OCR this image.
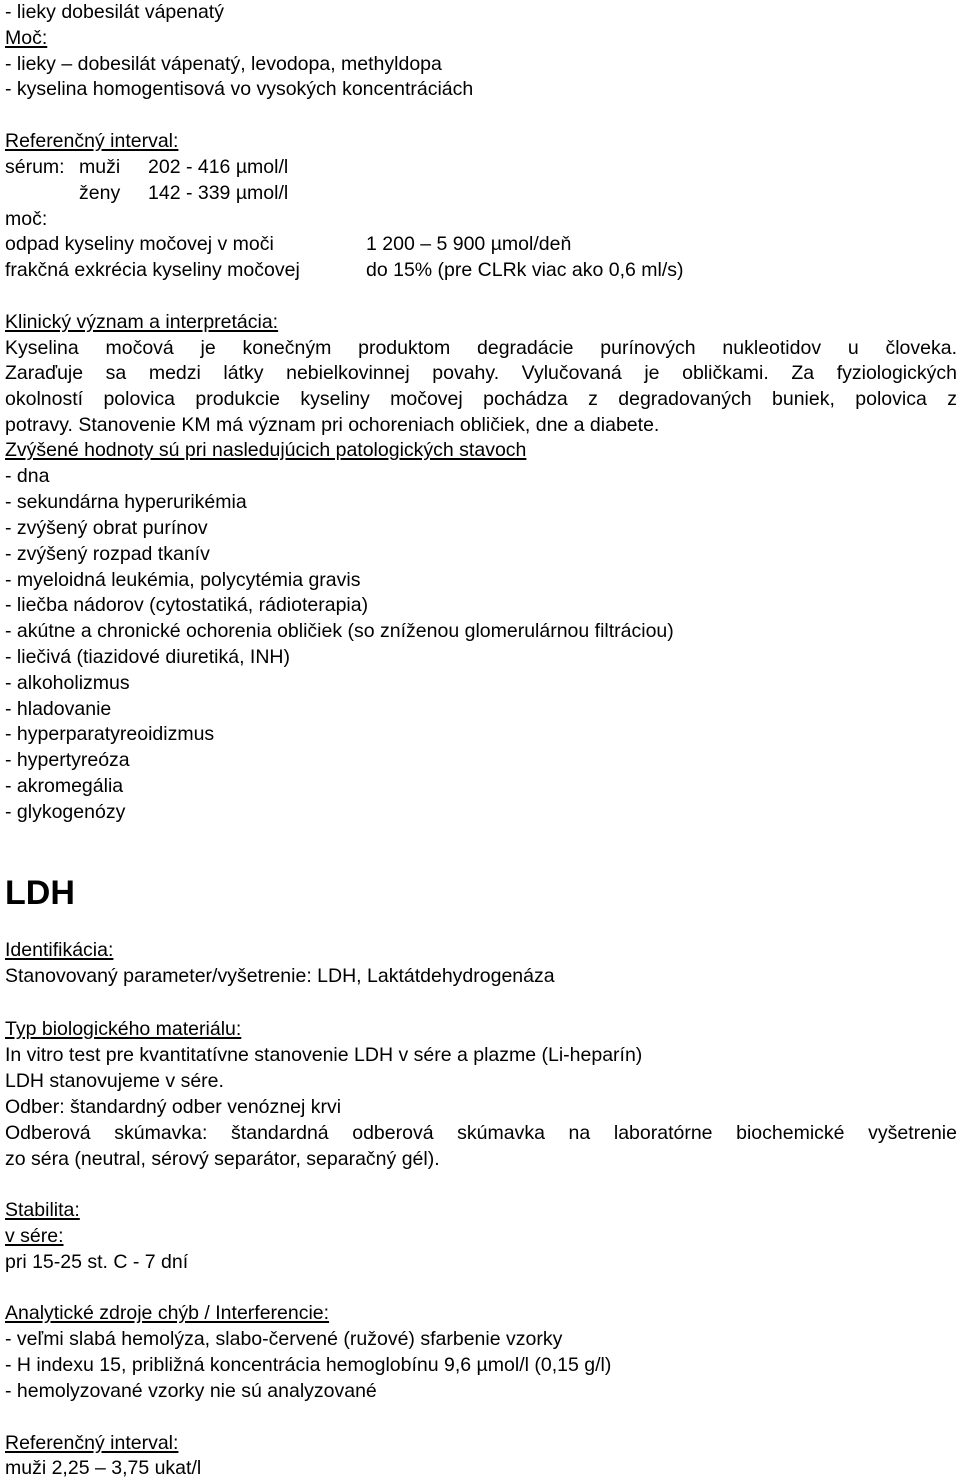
- lieky dobesilát vápenatý
Moč:
- lieky – dobesilát vápenatý, levodopa, methyldopa
- kyselina homogentisová vo vysokých koncentráciách
Referenčný interval:
sérum: muži 202 - 416 µmol/l
ženy 142 - 339 µmol/l
moč:
odpad kyseliny močovej v moči	1 200 – 5 900 µmol/deň
frakčná exkrécia kyseliny močovej	do 15% (pre CLRk viac ako 0,6 ml/s)
Klinický význam a interpretácia:
Kyselina močová je konečným produktom degradácie purínových nukleotidov u človeka.
Zaraďuje sa medzi látky nebielkovinnej povahy. Vylučovaná je obličkami. Za fyziologických
okolností polovica produkcie kyseliny močovej pochádza z degradovaných buniek, polovica z
potravy. Stanovenie KM má význam pri ochoreniach obličiek, dne a diabete.
Zvýšené hodnoty sú pri nasledujúcich patologických stavoch
- dna
- sekundárna hyperurikémia
- zvýšený obrat purínov
- zvýšený rozpad tkanív
- myeloidná leukémia, polycytémia gravis
- liečba nádorov (cytostatiká, rádioterapia)
- akútne a chronické ochorenia obličiek (so zníženou glomerulárnou filtráciou)
- liečivá (tiazidové diuretiká, INH)
- alkoholizmus
- hladovanie
- hyperparatyreoidizmus
- hypertyreóza
- akromegália
- glykogenózy
LDH
Identifikácia:
Stanovovaný parameter/vyšetrenie: LDH, Laktátdehydrogenáza
Typ biologického materiálu:
In vitro test pre kvantitatívne stanovenie LDH v sére a plazme (Li-heparín)
LDH stanovujeme v sére.
Odber: štandardný odber venóznej krvi
Odberová skúmavka: štandardná odberová skúmavka na laboratórne biochemické vyšetrenie
zo séra (neutral, sérový separátor, separačný gél).
Stabilita:
v sére:
pri 15-25 st. C - 7 dní
Analytické zdroje chýb / Interferencie:
- veľmi slabá hemolýza, slabo-červené (ružové) sfarbenie vzorky
- H indexu 15, približná koncentrácia hemoglobínu 9,6 µmol/l (0,15 g/l)
- hemolyzované vzorky nie sú analyzované
Referenčný interval:
muži 2,25 – 3,75 ukat/l
